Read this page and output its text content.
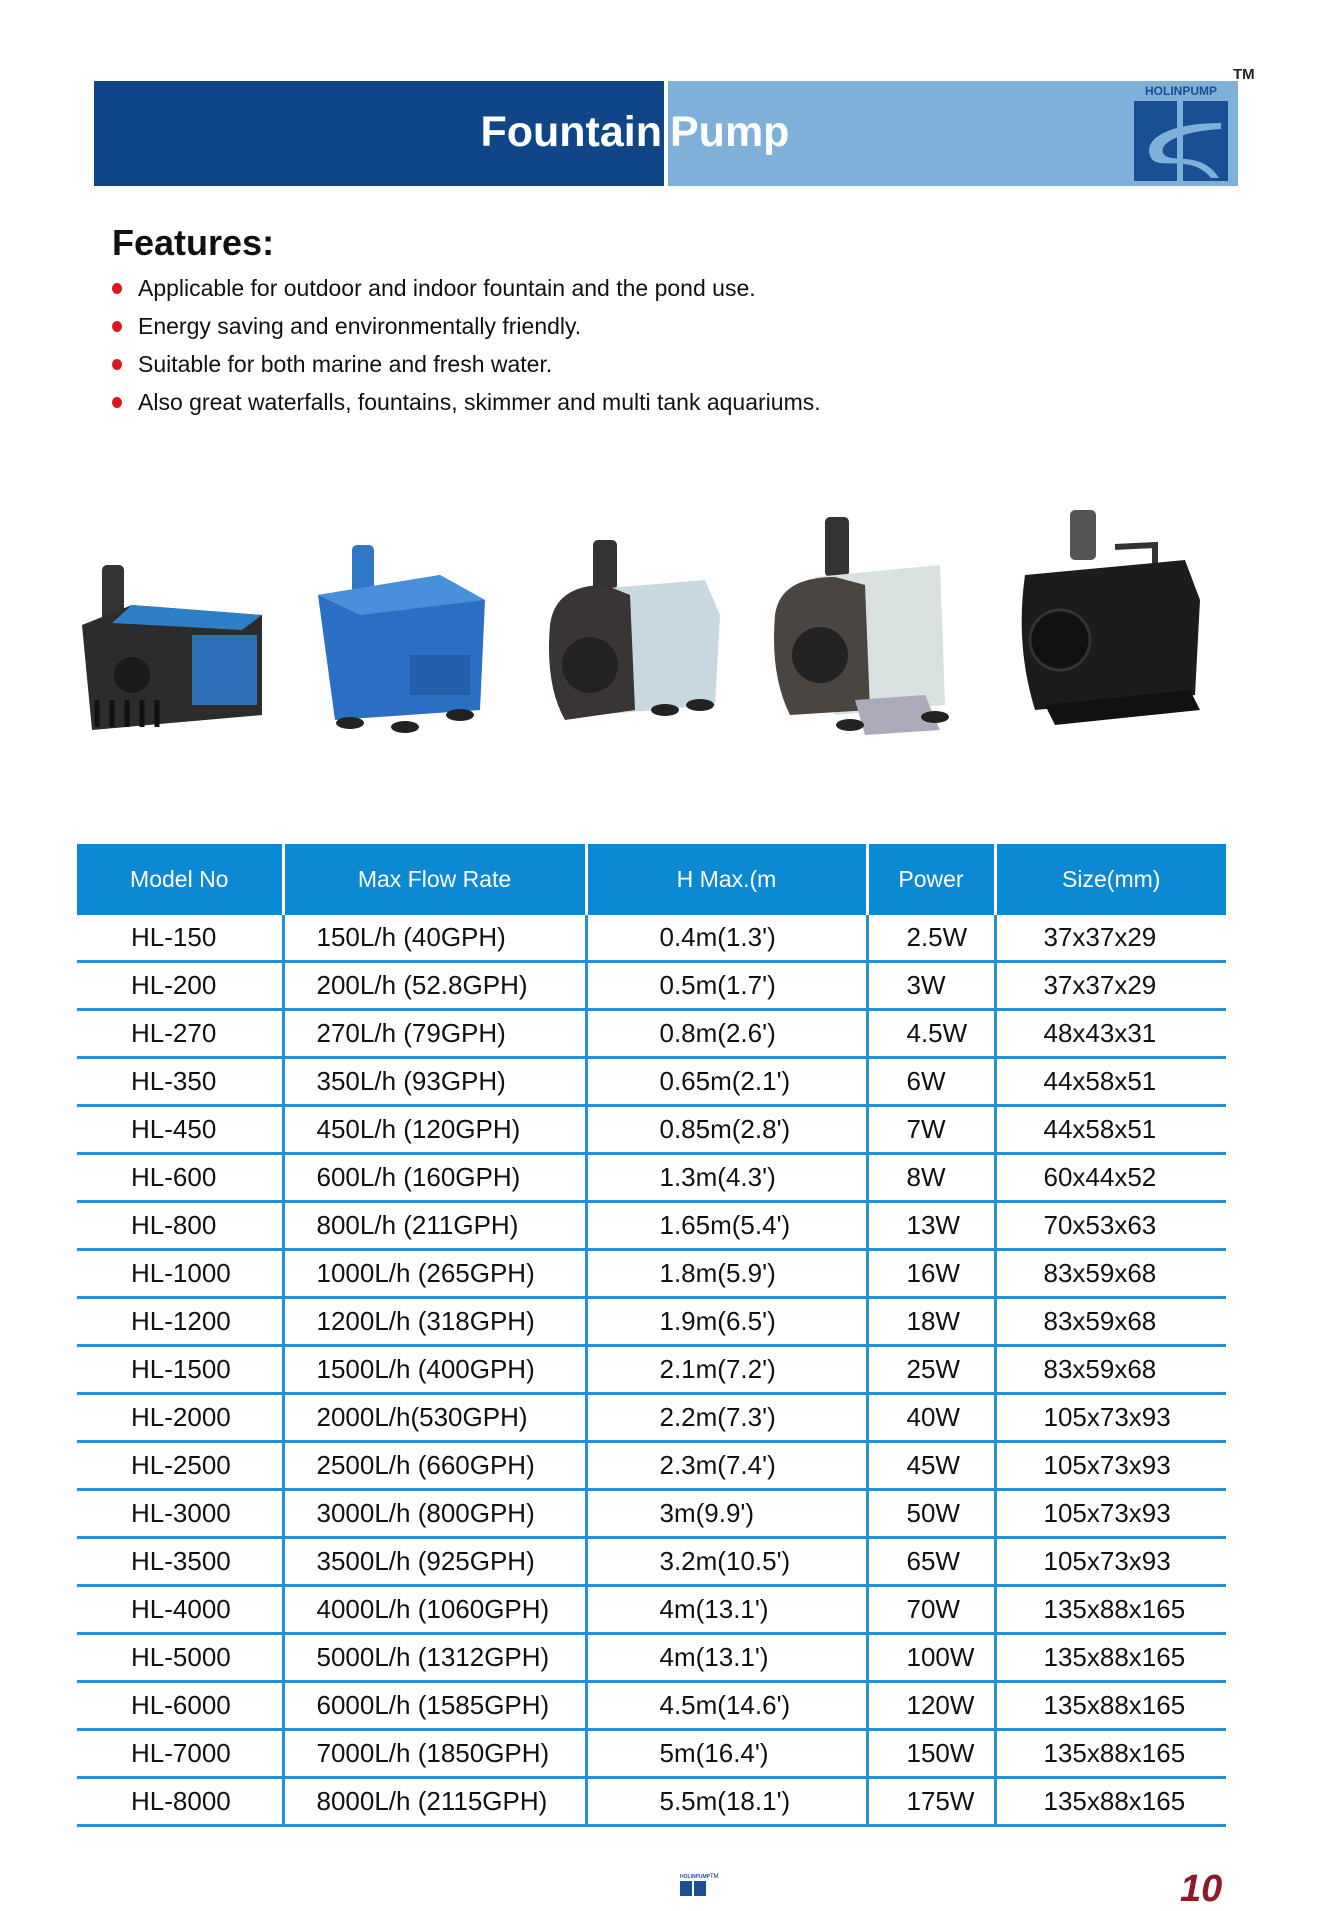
Fountain Pump
HOLINPUMP
TM
Features:
Applicable for outdoor and indoor fountain and the pond use.
Energy saving and environmentally friendly.
Suitable for both marine and fresh water.
Also great waterfalls, fountains, skimmer and multi tank aquariums.
Model No	Max Flow Rate	H Max.(m	Power	Size(mm)
HL-150	150L/h (40GPH)	0.4m(1.3')	2.5W	37x37x29
HL-200	200L/h (52.8GPH)	0.5m(1.7')	3W	37x37x29
HL-270	270L/h (79GPH)	0.8m(2.6')	4.5W	48x43x31
HL-350	350L/h (93GPH)	0.65m(2.1')	6W	44x58x51
HL-450	450L/h (120GPH)	0.85m(2.8')	7W	44x58x51
HL-600	600L/h (160GPH)	1.3m(4.3')	8W	60x44x52
HL-800	800L/h (211GPH)	1.65m(5.4')	13W	70x53x63
HL-1000	1000L/h (265GPH)	1.8m(5.9')	16W	83x59x68
HL-1200	1200L/h (318GPH)	1.9m(6.5')	18W	83x59x68
HL-1500	1500L/h (400GPH)	2.1m(7.2')	25W	83x59x68
HL-2000	2000L/h(530GPH)	2.2m(7.3')	40W	105x73x93
HL-2500	2500L/h (660GPH)	2.3m(7.4')	45W	105x73x93
HL-3000	3000L/h (800GPH)	3m(9.9')	50W	105x73x93
HL-3500	3500L/h (925GPH)	3.2m(10.5')	65W	105x73x93
HL-4000	4000L/h (1060GPH)	4m(13.1')	70W	135x88x165
HL-5000	5000L/h (1312GPH)	4m(13.1')	100W	135x88x165
HL-6000	6000L/h (1585GPH)	4.5m(14.6')	120W	135x88x165
HL-7000	7000L/h (1850GPH)	5m(16.4')	150W	135x88x165
HL-8000	8000L/h (2115GPH)	5.5m(18.1')	175W	135x88x165
HOLINPUMP TM	10
